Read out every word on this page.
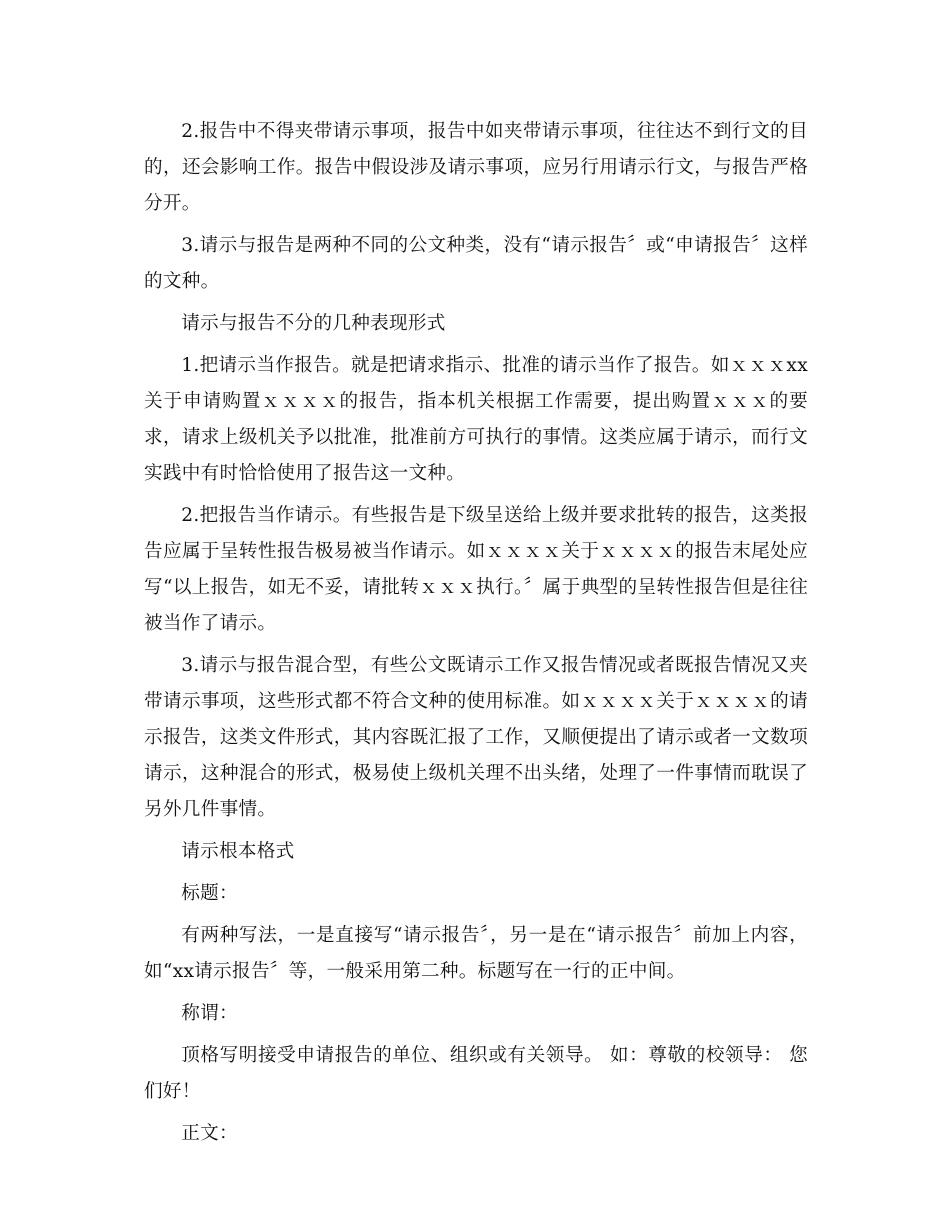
2.报告中不得夹带请示事项，报告中如夹带请示事项，往往达不到行文的目的，还会影响工作。报告中假设涉及请示事项，应另行用请示行文，与报告严格分开。

3.请示与报告是两种不同的公文种类，没有“请示报告〞或“申请报告〞这样的文种。

请示与报告不分的几种表现形式

1.把请示当作报告。就是把请求指示、批准的请示当作了报告。如ｘｘｘxx关于申请购置ｘｘｘｘ的报告，指本机关根据工作需要，提出购置ｘｘｘ的要求，请求上级机关予以批准，批准前方可执行的事情。这类应属于请示，而行文实践中有时恰恰使用了报告这一文种。

2.把报告当作请示。有些报告是下级呈送给上级并要求批转的报告，这类报告应属于呈转性报告极易被当作请示。如ｘｘｘｘ关于ｘｘｘｘ的报告末尾处应写“以上报告，如无不妥，请批转ｘｘｘ执行。〞属于典型的呈转性报告但是往往被当作了请示。

3.请示与报告混合型，有些公文既请示工作又报告情况或者既报告情况又夹带请示事项，这些形式都不符合文种的使用标准。如ｘｘｘｘ关于ｘｘｘｘ的请示报告，这类文件形式，其内容既汇报了工作，又顺便提出了请示或者一文数项请示，这种混合的形式，极易使上级机关理不出头绪，处理了一件事情而耽误了另外几件事情。

请示根本格式

标题：

有两种写法，一是直接写“请示报告〞，另一是在“请示报告〞前加上内容，如“xx请示报告〞等，一般采用第二种。标题写在一行的正中间。

称谓：

顶格写明接受申请报告的单位、组织或有关领导。 如：尊敬的校领导： 您们好！

正文：
